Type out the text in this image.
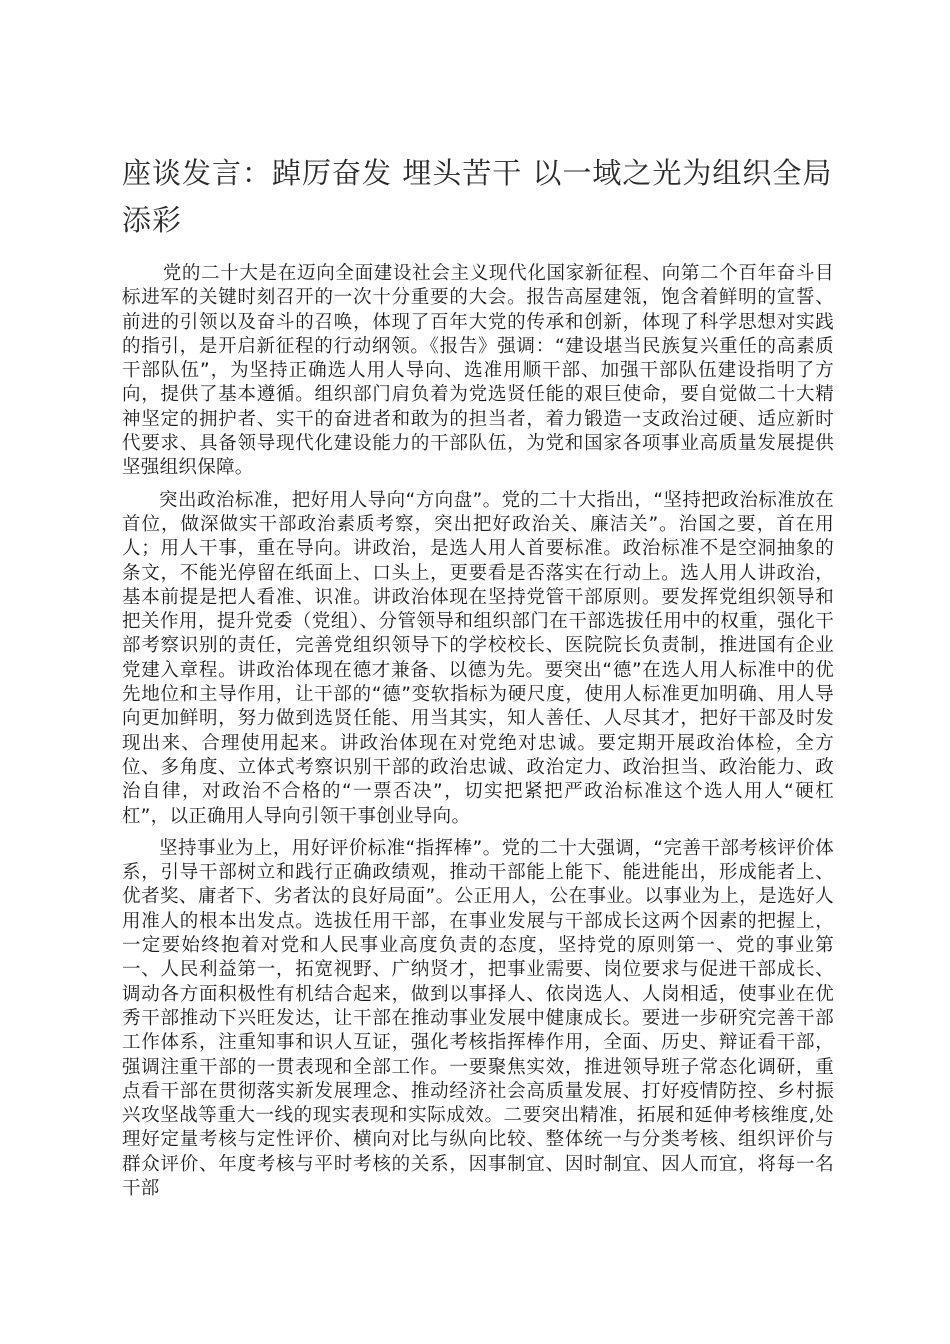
座谈发言：踔厉奋发 埋头苦干 以一域之光为组织全局添彩

党的二十大是在迈向全面建设社会主义现代化国家新征程、向第二个百年奋斗目标进军的关键时刻召开的一次十分重要的大会。报告高屋建瓴，饱含着鲜明的宣誓、前进的引领以及奋斗的召唤，体现了百年大党的传承和创新，体现了科学思想对实践的指引，是开启新征程的行动纲领。《报告》强调：“建设堪当民族复兴重任的高素质干部队伍”，为坚持正确选人用人导向、选准用顺干部、加强干部队伍建设指明了方向，提供了基本遵循。组织部门肩负着为党选贤任能的艰巨使命，要自觉做二十大精神坚定的拥护者、实干的奋进者和敢为的担当者，着力锻造一支政治过硬、适应新时代要求、具备领导现代化建设能力的干部队伍，为党和国家各项事业高质量发展提供坚强组织保障。

突出政治标准，把好用人导向“方向盘”。党的二十大指出，“坚持把政治标准放在首位，做深做实干部政治素质考察，突出把好政治关、廉洁关”。治国之要，首在用人；用人干事，重在导向。讲政治，是选人用人首要标准。政治标准不是空洞抽象的条文，不能光停留在纸面上、口头上，更要看是否落实在行动上。选人用人讲政治，基本前提是把人看准、识准。讲政治体现在坚持党管干部原则。要发挥党组织领导和把关作用，提升党委（党组）、分管领导和组织部门在干部选拔任用中的权重，强化干部考察识别的责任，完善党组织领导下的学校校长、医院院长负责制，推进国有企业党建入章程。讲政治体现在德才兼备、以德为先。要突出“德”在选人用人标准中的优先地位和主导作用，让干部的“德”变软指标为硬尺度，使用人标准更加明确、用人导向更加鲜明，努力做到选贤任能、用当其实，知人善任、人尽其才，把好干部及时发现出来、合理使用起来。讲政治体现在对党绝对忠诚。要定期开展政治体检，全方位、多角度、立体式考察识别干部的政治忠诚、政治定力、政治担当、政治能力、政治自律，对政治不合格的“一票否决”，切实把紧把严政治标准这个选人用人“硬杠杠”，以正确用人导向引领干事创业导向。

坚持事业为上，用好评价标准“指挥棒”。党的二十大强调，“完善干部考核评价体系，引导干部树立和践行正确政绩观，推动干部能上能下、能进能出，形成能者上、优者奖、庸者下、劣者汰的良好局面”。公正用人，公在事业。以事业为上，是选好人用准人的根本出发点。选拔任用干部，在事业发展与干部成长这两个因素的把握上，一定要始终抱着对党和人民事业高度负责的态度，坚持党的原则第一、党的事业第一、人民利益第一，拓宽视野、广纳贤才，把事业需要、岗位要求与促进干部成长、调动各方面积极性有机结合起来，做到以事择人、依岗选人、人岗相适，使事业在优秀干部推动下兴旺发达，让干部在推动事业发展中健康成长。要进一步研究完善干部工作体系，注重知事和识人互证，强化考核指挥棒作用，全面、历史、辩证看干部，强调注重干部的一贯表现和全部工作。一要聚焦实效，推进领导班子常态化调研，重点看干部在贯彻落实新发展理念、推动经济社会高质量发展、打好疫情防控、乡村振兴攻坚战等重大一线的现实表现和实际成效。二要突出精准，拓展和延伸考核维度,处理好定量考核与定性评价、横向对比与纵向比较、整体统一与分类考核、组织评价与群众评价、年度考核与平时考核的关系，因事制宜、因时制宜、因人而宜，将每一名干部
